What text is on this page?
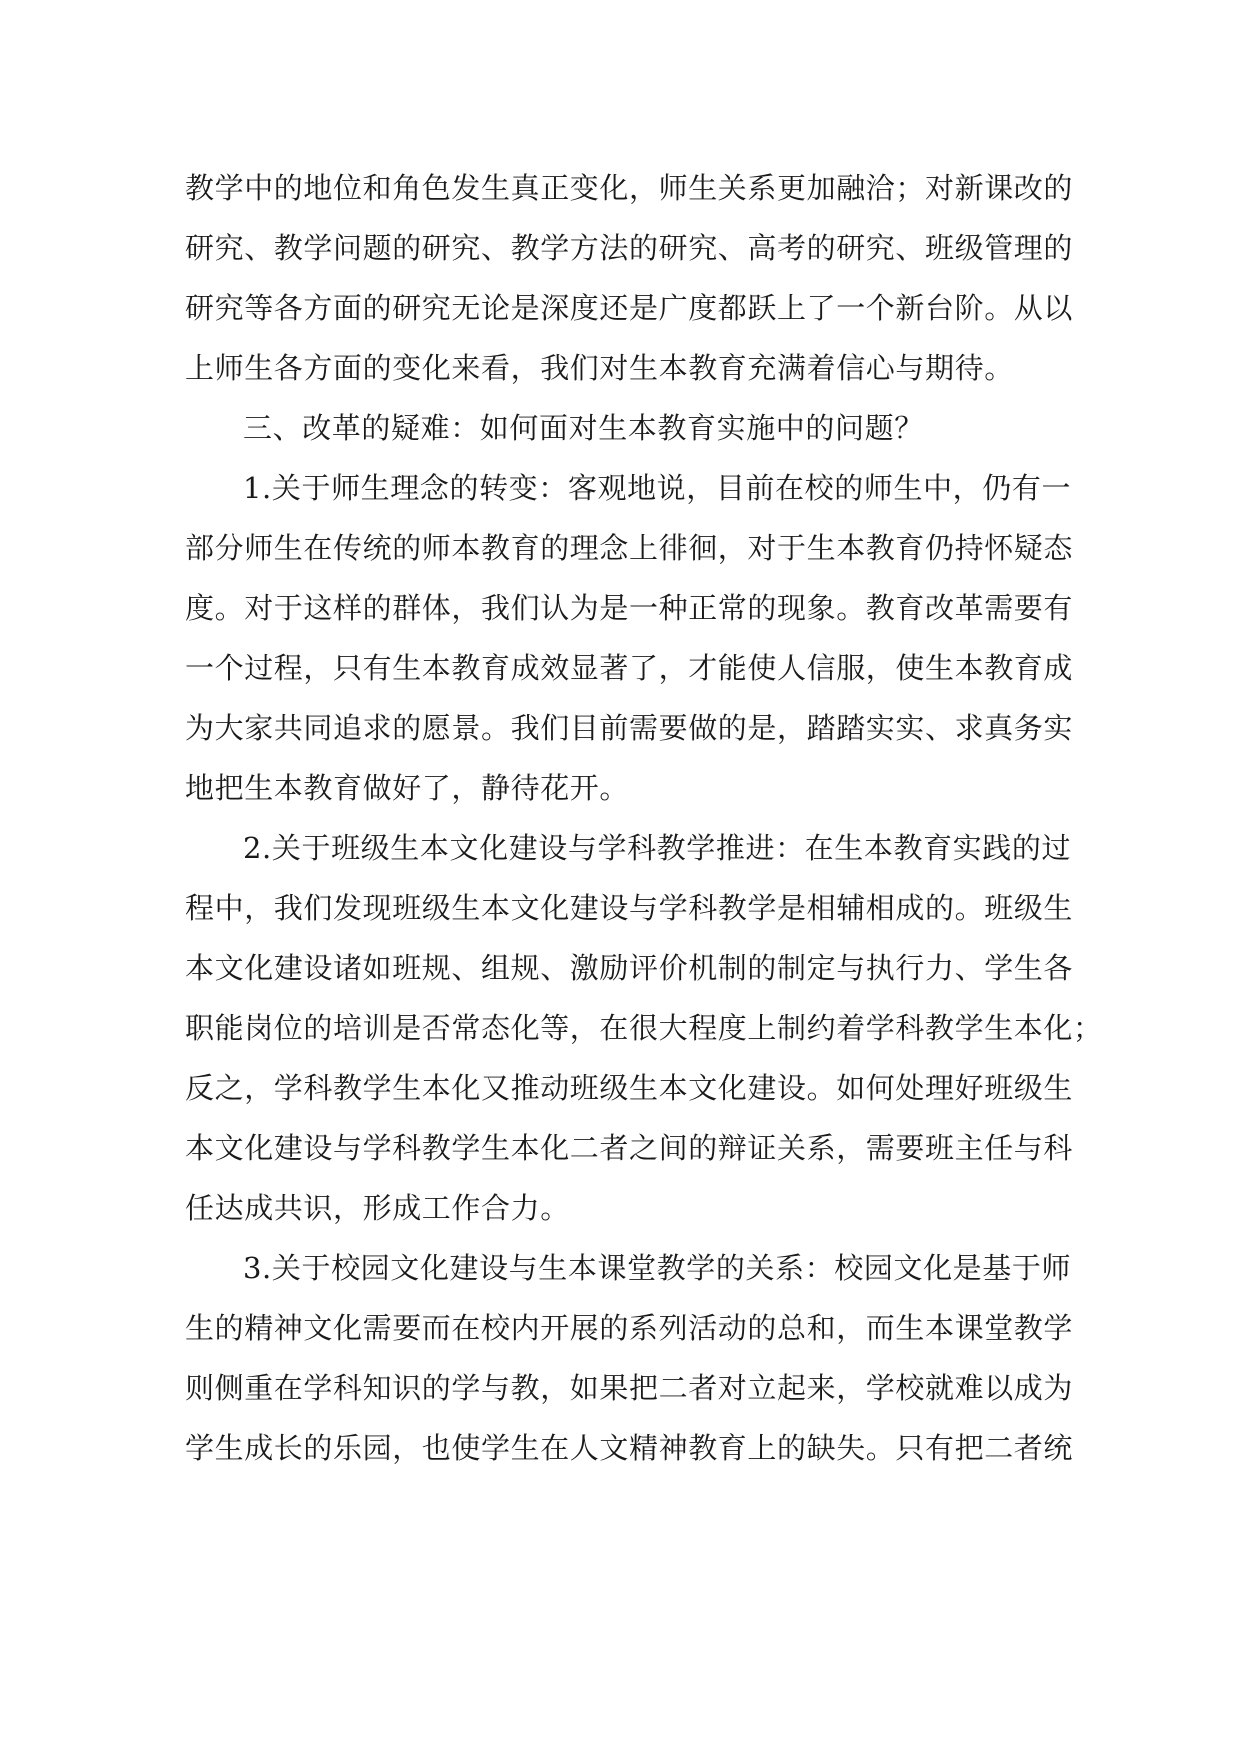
教学中的地位和角色发生真正变化，师生关系更加融洽；对新课改的
研究、教学问题的研究、教学方法的研究、高考的研究、班级管理的
研究等各方面的研究无论是深度还是广度都跃上了一个新台阶。从以
上师生各方面的变化来看，我们对生本教育充满着信心与期待。
三、改革的疑难：如何面对生本教育实施中的问题？
1.关于师生理念的转变：客观地说，目前在校的师生中，仍有一
部分师生在传统的师本教育的理念上徘徊，对于生本教育仍持怀疑态
度。对于这样的群体，我们认为是一种正常的现象。教育改革需要有
一个过程，只有生本教育成效显著了，才能使人信服，使生本教育成
为大家共同追求的愿景。我们目前需要做的是，踏踏实实、求真务实
地把生本教育做好了，静待花开。
2.关于班级生本文化建设与学科教学推进：在生本教育实践的过
程中，我们发现班级生本文化建设与学科教学是相辅相成的。班级生
本文化建设诸如班规、组规、激励评价机制的制定与执行力、学生各
职能岗位的培训是否常态化等，在很大程度上制约着学科教学生本化；
反之，学科教学生本化又推动班级生本文化建设。如何处理好班级生
本文化建设与学科教学生本化二者之间的辩证关系，需要班主任与科
任达成共识，形成工作合力。
3.关于校园文化建设与生本课堂教学的关系：校园文化是基于师
生的精神文化需要而在校内开展的系列活动的总和，而生本课堂教学
则侧重在学科知识的学与教，如果把二者对立起来，学校就难以成为
学生成长的乐园，也使学生在人文精神教育上的缺失。只有把二者统
